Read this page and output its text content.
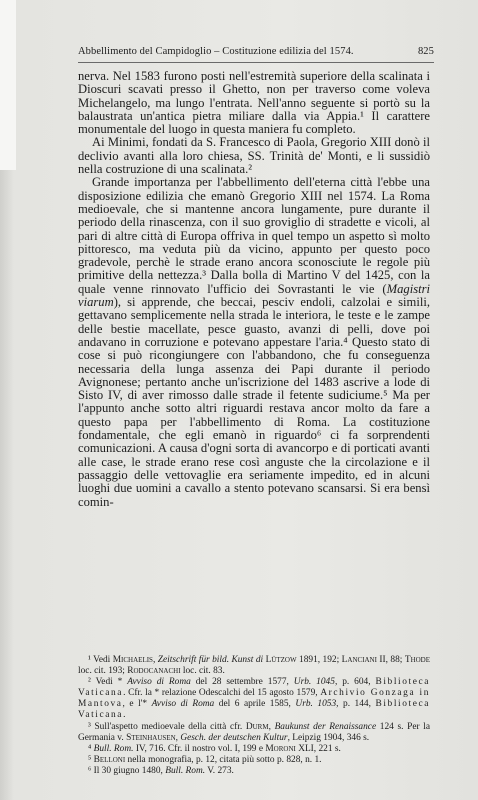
Abbellimento del Campidoglio – Costituzione edilizia del 1574.	825

nerva. Nel 1583 furono posti nell'estremità superiore della scalinata i Dioscuri scavati presso il Ghetto, non per traverso come voleva Michelangelo, ma lungo l'entrata. Nell'anno seguente si portò su la balaustrata un'antica pietra miliare dalla via Appia.¹ Il carattere monumentale del luogo in questa maniera fu completo.

Ai Minimi, fondati da S. Francesco di Paola, Gregorio XIII donò il declivio avanti alla loro chiesa, SS. Trinità de' Monti, e li sussidiò nella costruzione di una scalinata.²

Grande importanza per l'abbellimento dell'eterna città l'ebbe una disposizione edilizia che emanò Gregorio XIII nel 1574. La Roma medioevale, che si mantenne ancora lungamente, pure durante il periodo della rinascenza, con il suo groviglio di stradette e vicoli, al pari di altre città di Europa offriva in quel tempo un aspetto sì molto pittoresco, ma veduta più da vicino, appunto per questo poco gradevole, perchè le strade erano ancora sconosciute le regole più primitive della nettezza.³ Dalla bolla di Martino V del 1425, con la quale venne rinnovato l'ufficio dei Sovrastanti le vie (Magistri viarum), si apprende, che beccai, pesciv endoli, calzolai e simili, gettavano semplicemente nella strada le interiora, le teste e le zampe delle bestie macellate, pesce guasto, avanzi di pelli, dove poi andavano in corruzione e potevano appestare l'aria.⁴ Questo stato di cose si può ricongiungere con l'abbandono, che fu conseguenza necessaria della lunga assenza dei Papi durante il periodo Avignonese; pertanto anche un'iscrizione del 1483 ascrive a lode di Sisto IV, di aver rimosso dalle strade il fetente sudiciume.⁵ Ma per l'appunto anche sotto altri riguardi restava ancor molto da fare a questo papa per l'abbellimento di Roma. La costituzione fondamentale, che egli emanò in riguardo⁶ ci fa sorprendenti comunicazioni. A causa d'ogni sorta di avancorpo e di porticati avanti alle case, le strade erano rese così anguste che la circolazione e il passaggio delle vettovaglie era seriamente impedito, ed in alcuni luoghi due uomini a cavallo a stento potevano scansarsi. Si era bensì comin-

¹ Vedi Michaelis, Zeitschrift für bild. Kunst di Lützow 1891, 192; Lanciani II, 88; Thode loc. cit. 193; Rodocanachi loc. cit. 83.

² Vedi * Avviso di Roma del 28 settembre 1577, Urb. 1045, p. 604, Biblioteca Vaticana. Cfr. la * relazione Odescalchi del 15 agosto 1579, Archivio Gonzaga in Mantova, e l'* Avviso di Roma del 6 aprile 1585, Urb. 1053, p. 144, Biblioteca Vaticana.

³ Sull'aspetto medioevale della città cfr. Durm, Baukunst der Renaissance 124 s. Per la Germania v. Steinhausen, Gesch. der deutschen Kultur, Leipzig 1904, 346 s.

⁴ Bull. Rom. IV, 716. Cfr. il nostro vol. I, 199 e Moroni XLI, 221 s.

⁵ Belloni nella monografia, p. 12, citata più sotto p. 828, n. 1.

⁶ Il 30 giugno 1480, Bull. Rom. V. 273.
